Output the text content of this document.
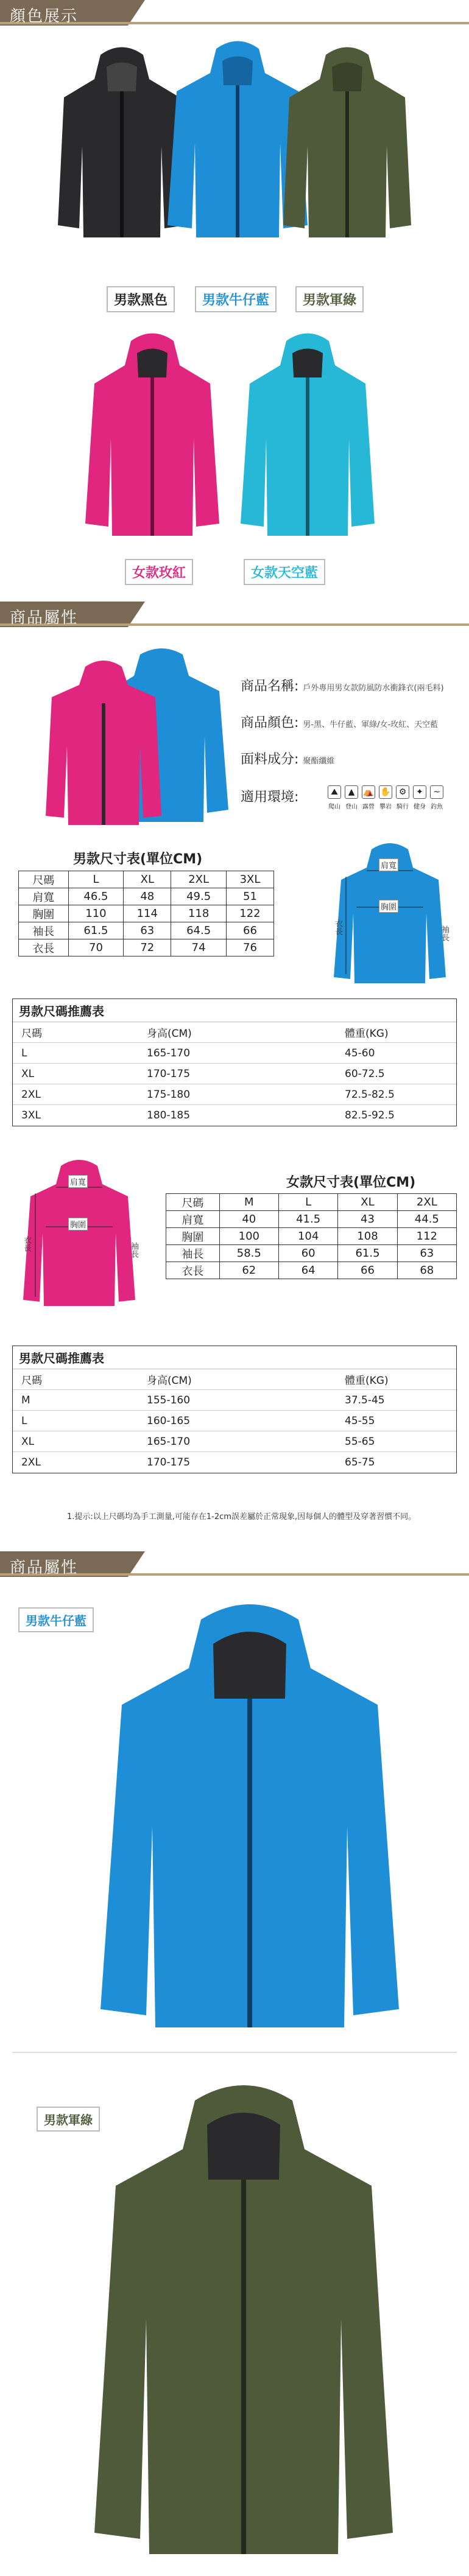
顏色展示
男款黑色	男款牛仔藍	男款軍綠
女款玫紅	女款天空藍
商品屬性
商品名稱: 戶外專用男女款防風防水衝鋒衣(兩毛料)
商品顏色: 男-黑、牛仔藍、軍綠/女-玫紅、天空藍
面料成分: 聚酯纖維
適用環境:	⛰	▲ ⛺ ✋ ⚙	✦	~
爬山 登山 露營 攀岩 騎行 健身 釣魚
男款尺寸表(單位CM)
尺碼	L	XL	2XL	3XL
肩寬	46.5	48	49.5	51
胸圍	110	114	118	122
袖長	61.5	63	64.5	66
衣長	70	72	74	76
肩寬
胸圍
衣長	袖長
男款尺碼推薦表
尺碼	身高(CM)	體重(KG)
L	165-170	45-60
XL	170-175	60-72.5
2XL	175-180	72.5-82.5
3XL	180-185	82.5-92.5
肩寬
胸圍
衣長	袖長
女款尺寸表(單位CM)
尺碼	M	L	XL	2XL
肩寬	40	41.5	43	44.5
胸圍	100	104	108	112
袖長	58.5	60	61.5	63
衣長	62	64	66	68
男款尺碼推薦表
尺碼	身高(CM)	體重(KG)
M	155-160	37.5-45
L	160-165	45-55
XL	165-170	55-65
2XL	170-175	65-75
1.提示:以上尺碼均為手工測量,可能存在1-2cm誤差屬於正常現象,因每個人的體型及穿著習慣不同。
商品屬性
男款牛仔藍
男款軍綠
